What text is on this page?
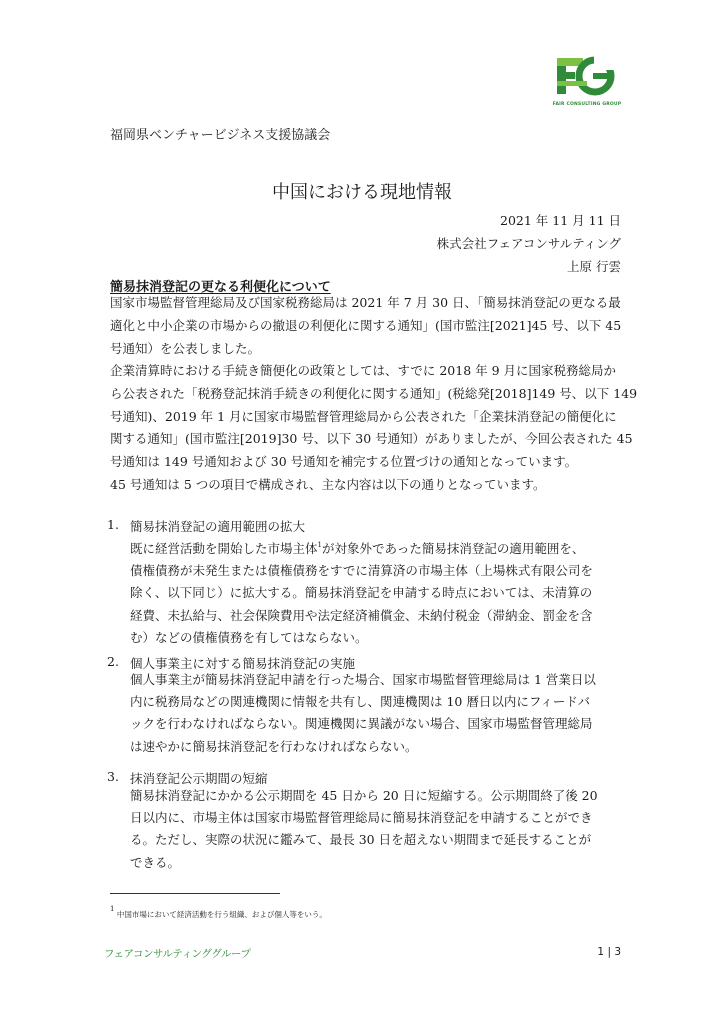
FAIR CONSULTING GROUP
福岡県ベンチャービジネス支援協議会
中国における現地情報
2021 年 11 月 11 日
株式会社フェアコンサルティング
上原 行雲
簡易抹消登記の更なる利便化について
国家市場監督管理総局及び国家税務総局は 2021 年 7 月 30 日、「簡易抹消登記の更なる最
適化と中小企業の市場からの撤退の利便化に関する通知」(国市監注[2021]45 号、以下 45
号通知）を公表しました。
企業清算時における手続き簡便化の政策としては、すでに 2018 年 9 月に国家税務総局か
ら公表された「税務登記抹消手続きの利便化に関する通知」(税総発[2018]149 号、以下 149
号通知)、2019 年 1 月に国家市場監督管理総局から公表された「企業抹消登記の簡便化に
関する通知」(国市監注[2019]30 号、以下 30 号通知）がありましたが、今回公表された 45
号通知は 149 号通知および 30 号通知を補完する位置づけの通知となっています。
45 号通知は 5 つの項目で構成され、主な内容は以下の通りとなっています。
1. 簡易抹消登記の適用範囲の拡大
既に経営活動を開始した市場主体$^1$が対象外であった簡易抹消登記の適用範囲を、
債権債務が未発生または債権債務をすでに清算済の市場主体（上場株式有限公司を
除く、以下同じ）に拡大する。簡易抹消登記を申請する時点においては、未清算の
経費、未払給与、社会保険費用や法定経済補償金、未納付税金（滞納金、罰金を含
む）などの債権債務を有してはならない。
2. 個人事業主に対する簡易抹消登記の実施
個人事業主が簡易抹消登記申請を行った場合、国家市場監督管理総局は 1 営業日以
内に税務局などの関連機関に情報を共有し、関連機関は 10 暦日以内にフィードバ
ックを行わなければならない。関連機関に異議がない場合、国家市場監督管理総局
は速やかに簡易抹消登記を行わなければならない。
3. 抹消登記公示期間の短縮
簡易抹消登記にかかる公示期間を 45 日から 20 日に短縮する。公示期間終了後 20
日以内に、市場主体は国家市場監督管理総局に簡易抹消登記を申請することができ
る。ただし、実際の状況に鑑みて、最長 30 日を超えない期間まで延長することが
できる。
$^1$ 中国市場において経済活動を行う組織、および個人等をいう。
フェアコンサルティンググループ	1 | 3
